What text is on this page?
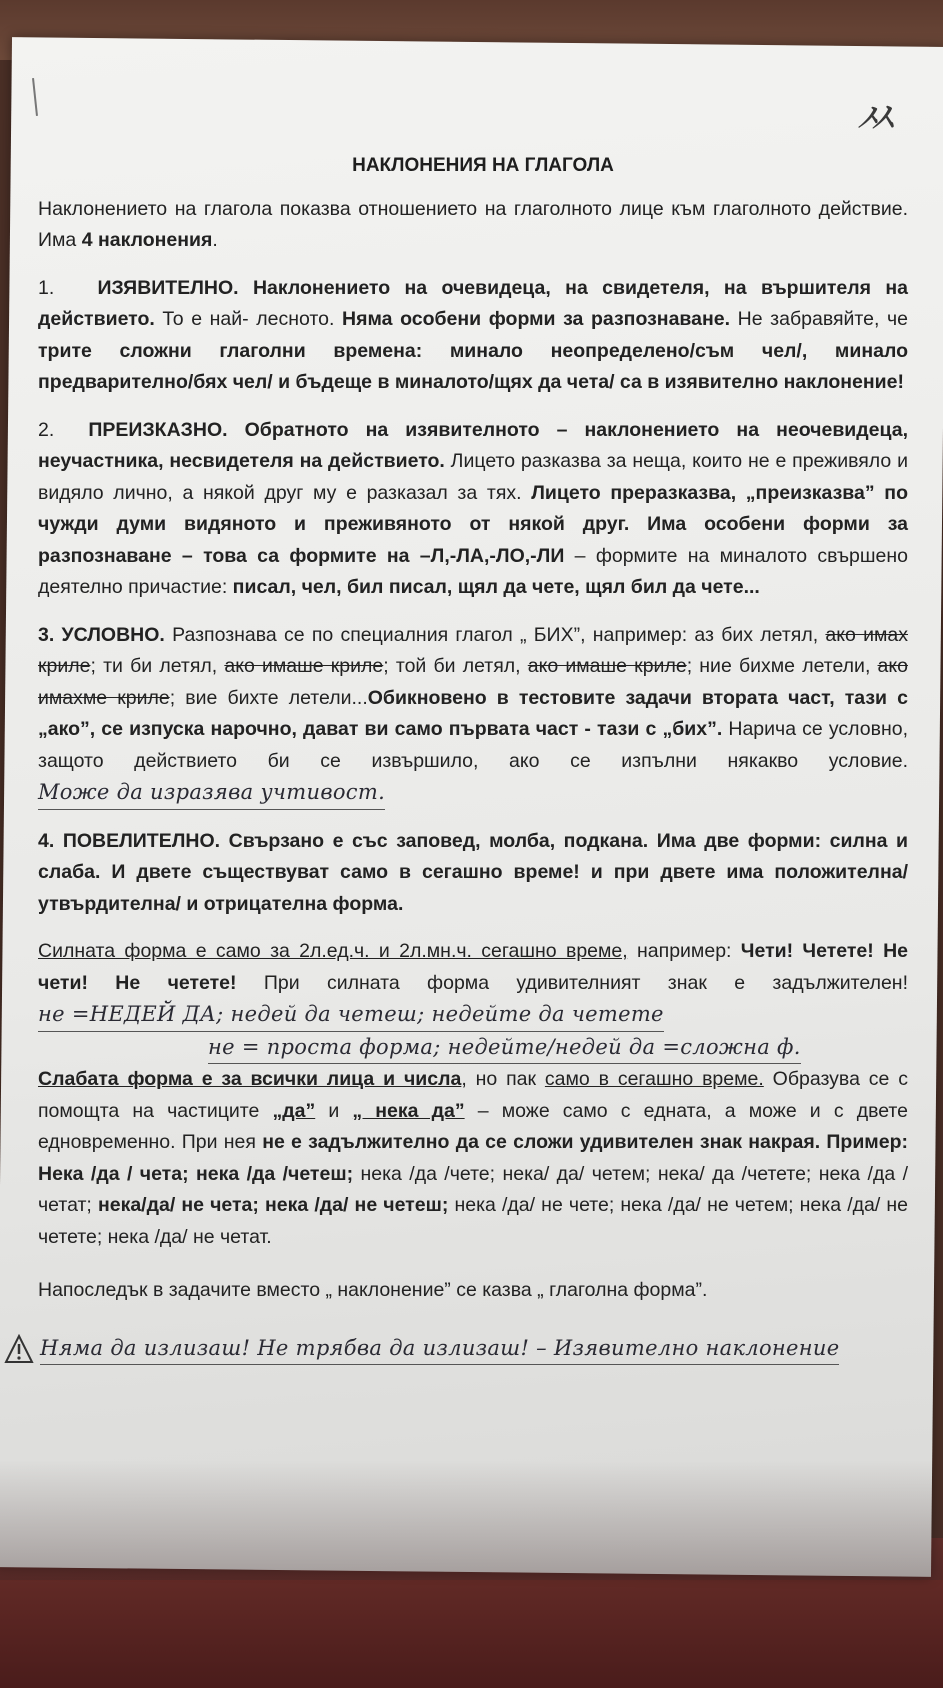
ㅆ
НАКЛОНЕНИЯ НА ГЛАГОЛА

Наклонението на глагола показва отношението на глаголното лице към глаголното действие. Има 4 наклонения.

1. ИЗЯВИТЕЛНО. Наклонението на очевидеца, на свидетеля, на вършителя на действието. То е най- лесното. Няма особени форми за разпознаване. Не забравяйте, че трите сложни глаголни времена: минало неопределено/съм чел/, минало предварително/бях чел/ и бъдеще в миналото/щях да чета/ са в изявително наклонение!

2. ПРЕИЗКАЗНО. Обратното на изявителното – наклонението на неочевидеца, неучастника, несвидетеля на действието. Лицето разказва за неща, които не е преживяло и видяло лично, а някой друг му е разказал за тях. Лицето преразказва, „преизказва” по чужди думи видяното и преживяното от някой друг. Има особени форми за разпознаване – това са формите на –Л,-ЛА,-ЛО,-ЛИ – формите на миналото свършено деятелно причастие: писал, чел, бил писал, щял да чете, щял бил да чете...

3. УСЛОВНО. Разпознава се по специалния глагол „ БИХ”, например: аз бих летял, ако имах криле; ти би летял, ако имаше криле; той би летял, ако имаше криле; ние бихме летели, ако имахме криле; вие бихте летели...Обикновено в тестовите задачи втората част, тази с „ако”, се изпуска нарочно, дават ви само първата част - тази с „бих”. Нарича се условно, защото действието би се извършило, ако се изпълни някакво условие.Може да изразява учтивост.

4. ПОВЕЛИТЕЛНО. Свързано е със заповед, молба, подкана. Има две форми: силна и слаба. И двете съществуват само в сегашно време! и при двете има положителна/утвърдителна/ и отрицателна форма.

Силната форма е само за 2л.ед.ч. и 2л.мн.ч. сегашно време, например: Чети! Четете! Не чети! Не четете! При силната форма удивителният знак е задължителен! не =НЕДЕЙ ДА; недей да четеш; недейте да четете

не = проста форма; недейте/недей да =сложна ф.

Слабата форма е за всички лица и числа, но пак само в сегашно време. Образува се с помощта на частиците „да” и „ нека да” – може само с едната, а може и с двете едновременно. При нея не е задължително да се сложи удивителен знак накрая. Пример: Нека /да / чета; нека /да /четеш; нека /да /чете; нека/ да/ четем; нека/ да /четете; нека /да /четат; нека/да/ не чета; нека /да/ не четеш; нека /да/ не чете; нека /да/ не четем; нека /да/ не четете; нека /да/ не четат.

Напоследък в задачите вместо „ наклонение” се казва „ глаголна форма”.

Няма да излизаш! Не трябва да излизаш! – Изявително наклонение
